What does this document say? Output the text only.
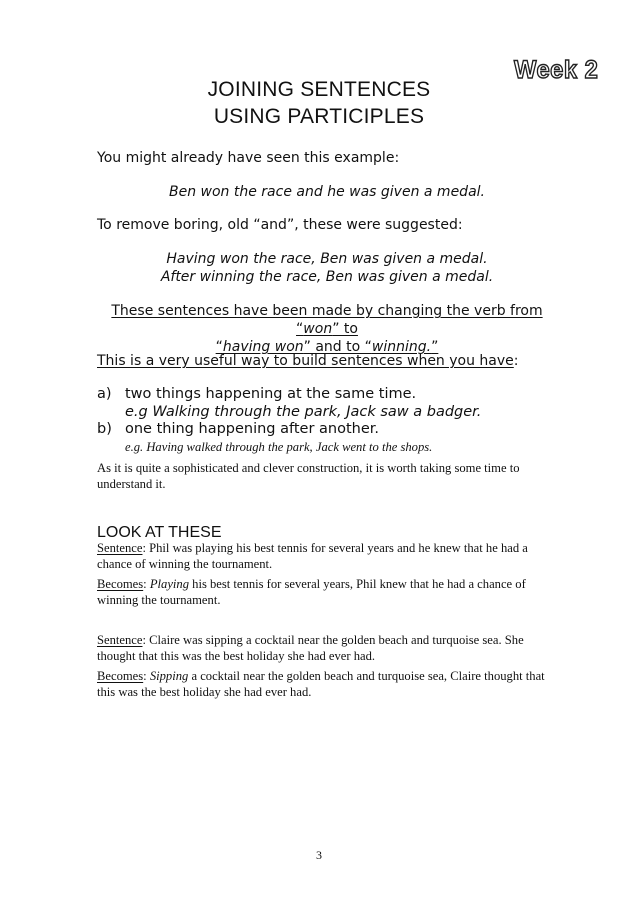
JOINING SENTENCES
USING PARTICIPLES
Week 2
You might already have seen this example:
Ben won the race and he was given a medal.
To remove boring, old “and”, these were suggested:
Having won the race, Ben was given a medal.
After winning the race, Ben was given a medal.
These sentences have been made by changing the verb from “won” to
“having won” and to “winning.”
This is a very useful way to build sentences when you have:
a) two things happening at the same time.
e.g Walking through the park, Jack saw a badger.
b) one thing happening after another.
e.g. Having walked through the park, Jack went to the shops.
As it is quite a sophisticated and clever construction, it is worth taking some time to understand it.
LOOK AT THESE
Sentence: Phil was playing his best tennis for several years and he knew that he had a chance of winning the tournament.
Becomes: Playing his best tennis for several years, Phil knew that he had a chance of winning the tournament.
Sentence: Claire was sipping a cocktail near the golden beach and turquoise sea. She thought that this was the best holiday she had ever had.
Becomes: Sipping a cocktail near the golden beach and turquoise sea, Claire thought that this was the best holiday she had ever had.
3
